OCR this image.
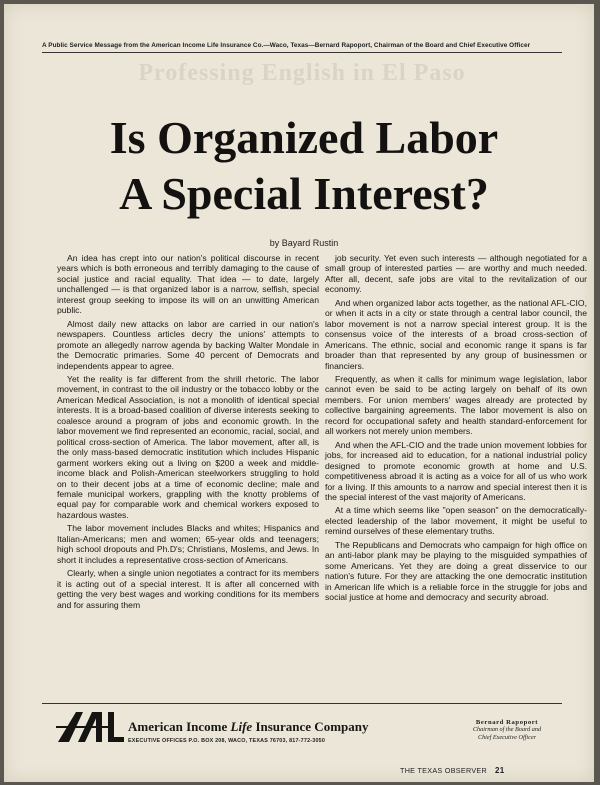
A Public Service Message from the American Income Life Insurance Co.—Waco, Texas—Bernard Rapoport, Chairman of the Board and Chief Executive Officer
Professing English in El Paso
Is Organized Labor
A Special Interest?
by Bayard Rustin

An idea has crept into our nation's political discourse in recent years which is both erroneous and terribly damaging to the cause of social justice and racial equality. That idea — to date, largely unchallenged — is that organized labor is a narrow, selfish, special interest group seeking to impose its will on an unwitting American public.

Almost daily new attacks on labor are carried in our nation's newspapers. Countless articles decry the unions' attempts to promote an allegedly narrow agenda by backing Walter Mondale in the Democratic primaries. Some 40 percent of Democrats and independents appear to agree.

Yet the reality is far different from the shrill rhetoric. The labor movement, in contrast to the oil industry or the tobacco lobby or the American Medical Association, is not a monolith of identical special interests. It is a broad-based coalition of diverse interests seeking to coalesce around a program of jobs and economic growth. In the labor movement we find represented an economic, racial, social, and political cross-section of America. The labor movement, after all, is the only mass-based democratic institution which includes Hispanic garment workers eking out a living on $200 a week and middle-income black and Polish-American steelworkers struggling to hold on to their decent jobs at a time of economic decline; male and female municipal workers, grappling with the knotty problems of equal pay for comparable work and chemical workers exposed to hazardous wastes.

The labor movement includes Blacks and whites; Hispanics and Italian-Americans; men and women; 65-year olds and teenagers; high school dropouts and Ph.D's; Christians, Moslems, and Jews. In short it includes a representative cross-section of Americans.

Clearly, when a single union negotiates a contract for its members it is acting out of a special interest. It is after all concerned with getting the very best wages and working conditions for its members and for assuring them

job security. Yet even such interests — although negotiated for a small group of interested parties — are worthy and much needed. After all, decent, safe jobs are vital to the revitalization of our economy.

And when organized labor acts together, as the national AFL-CIO, or when it acts in a city or state through a central labor council, the labor movement is not a narrow special interest group. It is the consensus voice of the interests of a broad cross-section of Americans. The ethnic, social and economic range it spans is far broader than that represented by any group of businessmen or financiers.

Frequently, as when it calls for minimum wage legislation, labor cannot even be said to be acting largely on behalf of its own members. For union members' wages already are protected by collective bargaining agreements. The labor movement is also on record for occupational safety and health standard-enforcement for all workers not merely union members.

And when the AFL-CIO and the trade union movement lobbies for jobs, for increased aid to education, for a national industrial policy designed to promote economic growth at home and U.S. competitiveness abroad it is acting as a voice for all of us who work for a living. If this amounts to a narrow and special interest then it is the special interest of the vast majority of Americans.

At a time which seems like "open season" on the democratically-elected leadership of the labor movement, it might be useful to remind ourselves of these elementary truths.

The Republicans and Democrats who campaign for high office on an anti-labor plank may be playing to the misguided sympathies of some Americans. Yet they are doing a great disservice to our nation's future. For they are attacking the one democratic institution in American life which is a reliable force in the struggle for jobs and social justice at home and democracy and security abroad.

American Income Life Insurance Company
EXECUTIVE OFFICES P.O. BOX 208, WACO, TEXAS 76703, 817-772-3050
Bernard Rapoport
Chairman of the Board and
Chief Executive Officer
THE TEXAS OBSERVER 21
